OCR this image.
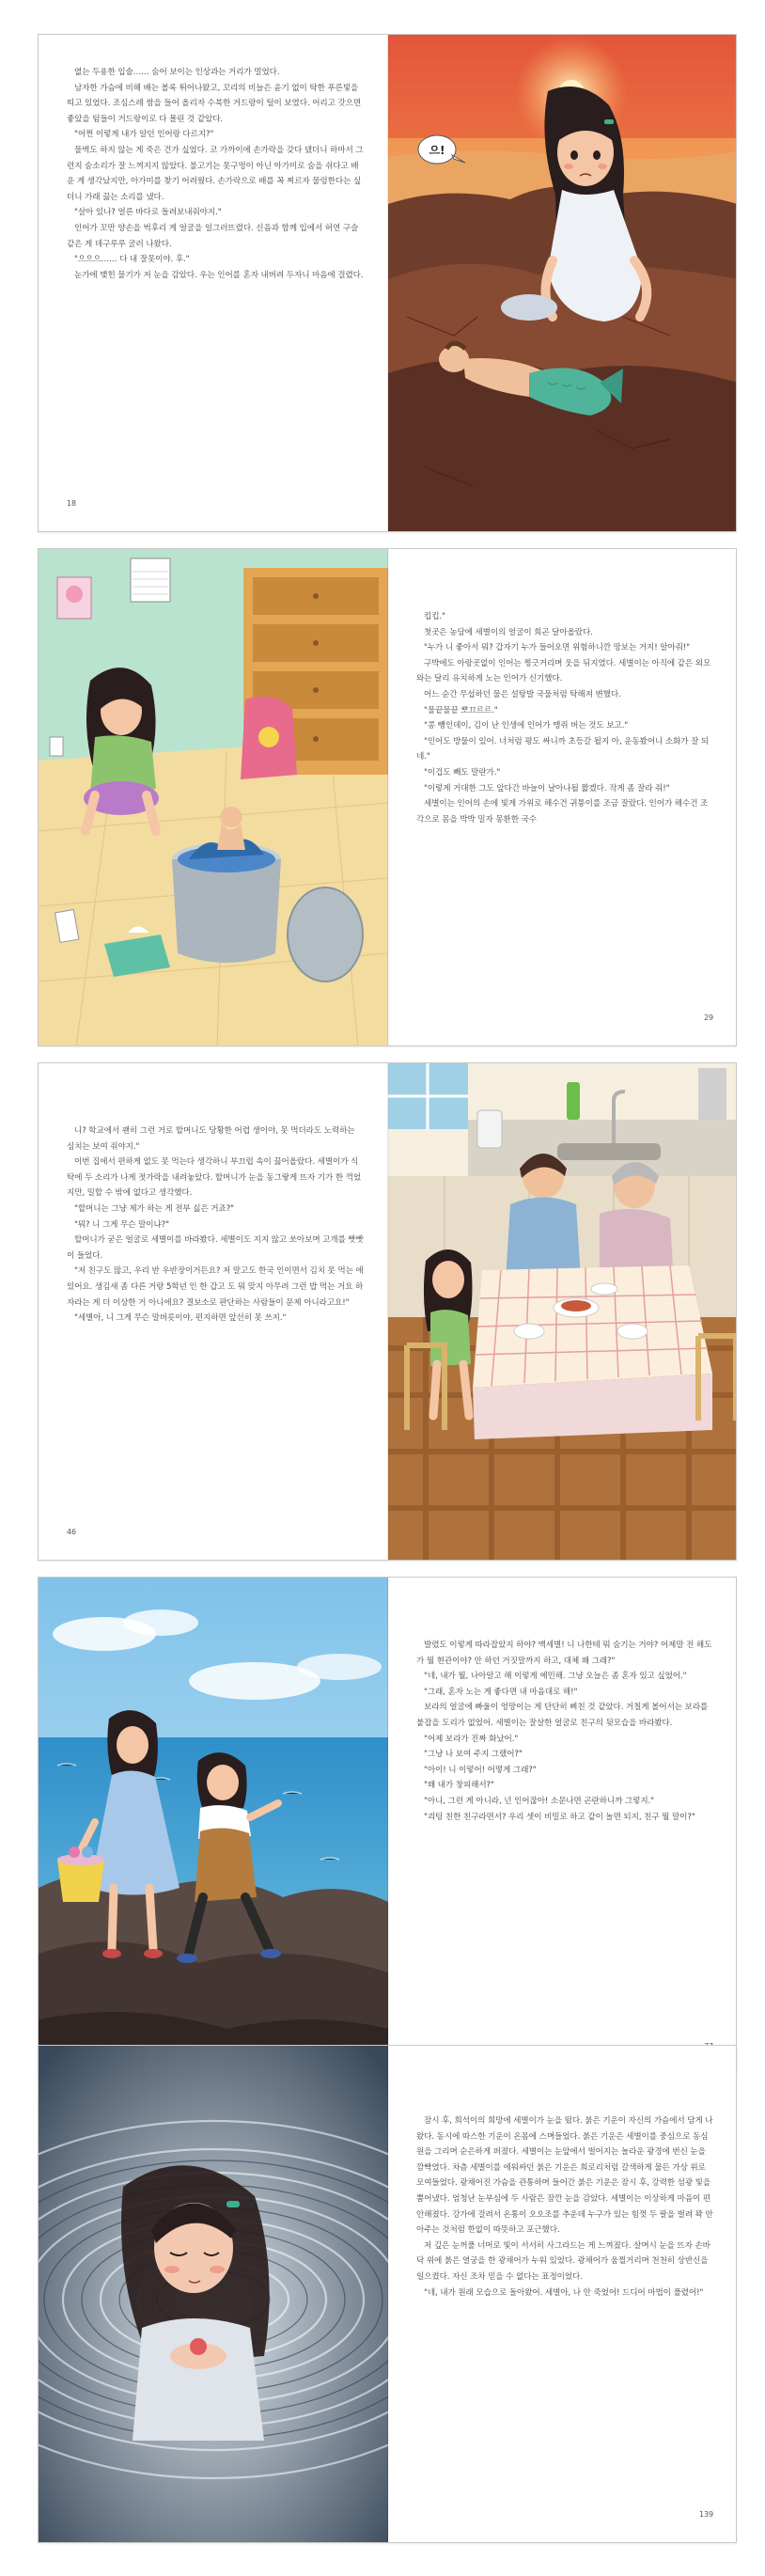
엾는 두용한 입술…… 숨어 보이는 인상과는 거리가 멀었다.

남자한 가슴에 비해 배는 볼록 튀어나왔고, 꼬리의 비늘은 윤기 없이 탁한 푸른빛을 띠고 있었다. 조심스레 쌈을 들어 올리자 수북한 거드랑이 털이 보였다. 어리고 갓으면 좋았을 텀들이 거드랑이로 다 몰린 것 같았다.

"어쩐 이렇게 내가 알던 인어랑 다르지?"

물벽도 하지 않는 게 죽은 건가 싶었다. 코 가까이에 손가락을 갖다 댔더니 하마서 그런지 숨소리가 잘 느껴지지 않았다. 불고기는 못구멍이 아닌 아가미로 숨을 쉬다고 배운 게 생각났지만, 아가미를 찾기 어려웠다. 손가락으로 배를 꼭 찌르자 물렁한다는 싶더니 가래 끓는 소리를 냈다.

"살아 있나? 얼른 바다로 돌려보내줘야지."

인어가 꼬만 양손을 벅후리 게 얼굴을 일그러뜨렸다. 신음과 함께 입에서 허연 구슬 같은 게 데구루루 굴러 나왔다.

"으으으…… 다 내 잘못이야. 후."

눈가에 맺힌 물기가 저 눈을 감았다. 우는 인어를 혼자 내버려 두자니 마음에 걸렸다.

18
으!

킵킵."

첫곳은 농담에 세별이의 얼굴이 희곤 달아올랐다.

"누가 니 좋아서 뭐? 갑자기 누가 들어오면 위험하니깐 망보는 거지! 알아줘!"

구박에도 아랑곳없이 인어는 찡긋거리며 웃을 뒤지였다. 세별이는 아직에 같은 외모와는 달리 유치하게 노는 인어가 신기했다.

어느 순간 무섭하던 물은 설탕발 국물처럼 탁해져 변했다.

"물끝물끝 뽀끄르르."

"콩 뺑인데이, 김이 난 인생에 인어가 맹쥐 버는 것도 보고."

"인어도 방물이 있어. 너처럼 평도 싸니까 초등갈 될지 아, 운동봤어니 소화가 잘 되네."

"이겁도 빼도 말란가."

"이렇게 거대한 그도 앞다간 바늘이 날아나될 짧겠다. 작게 좀 잘라 줘!"

세별이는 인어의 손에 빛게 가위로 해수건 귀퉁이를 조금 잘랐다. 인어가 해수건 조각으로 몸을 박박 밀자 몽환한 국수

29

니? 학교에서 괜히 그런 거로 할머니도 당황한 어렵 생이야, 못 먹더라도 노력하는 심치는 보여 줘야지."

이번 집에서 편하게 없도 못 먹는다 생각하니 부끄럽 속이 끓어올랐다. 세별이가 식탁에 두 소리가 나게 젓가락을 내려놓았다. 할머니가 눈을 동그랗게 뜨자 기가 한 꺽었지만, 밀할 수 밖에 없다고 생각했다.

"할머니는 그냥 제가 하는 게 전부 싫은 거죠?"

"뭐? 니 그게 무슨 말이냐?"

할머니가 굳은 얼굴로 세별이를 바라봤다. 세별이도 지지 않고 쏘아보며 고개를 빳빳이 들었다.

"저 친구도 많고, 우리 반 우반장이거든요? 저 말고도 한국 인이면서 김치 못 먹는 애 있어요. 생김새 좀 다른 거랑 5학년 인 한 갑고 도 뭐 맞지 아무려 그런 밥 먹는 거요 하자라는 게 더 이상한 거 아니에요? 결보소로 판단하는 사람들이 문제 아니라고요!"

"세별아, 니 그게 무슨 말버릇이야, 편지하면 앞선히 못 쓰지."

46

발렸도 이렇게 따라잡았지 하야? 맥세별! 니 나한테 뭐 숨기는 거야? 어제말 전 해도가 뭘 현관이야? 안 하던 거짓말까지 하고, 대체 왜 그래?"

"네, 내가 뭘, 나아알고 해 이렇게 예민해. 그냥 오늘은 좀 혼자 있고 싶었어."

"그래, 혼자 노는 게 좋다면 내 마음대로 해!"

보라의 얼굴에 빠울이 엉망이는 게 단단히 삐친 것 같았다. 거칠게 볼어서는 보라를 붙잡을 도리가 없었어. 세별이는 잘살한 얼굴로 친구의 뒷모습을 바라봤다.

"어제 보라가 진짜 화났어."

"그냥 나 보여 주지 그랬어?"

"아이! 니 이렇어! 어떻게 그래?"

"왜 내가 창피해서?"

"아니, 그런 게 아니라, 넌 인어잖아! 소문나면 곤란하니까 그렇지."

"괴팅 친한 친구라면서? 우리 셋이 비밀로 하고 같이 놀면 되지, 친구 뭘 말이?"

잠시 후, 희석이의 희망에 세별이가 눈을 떴다. 붉은 기운이 자신의 가슴에서 담게 나왔다. 동시에 따스한 기운이 온몸에 스며들었다. 붉은 기운은 세별이를 중심으로 동심원을 그리며 순은하게 퍼졌다. 세별이는 눈앞에서 벌어지는 놀라운 광경에 번신 눈을 깜빡였다. 차츰 세별이를 에워싸던 붉은 기운은 희로리처럼 갈색하게 물든 가상 위로 모여들었다. 광채어진 가슴을 관통하며 들어간 붉은 기운은 잠시 후, 강력한 섬광 빛을 뿜어냈다. 엄청난 눈부심에 두 사람은 잠깐 눈을 감았다. 세별이는 이상하게 마음이 편안해졌다. 강가에 걸려서 온통이 오오조를 추운데 누구가 있는 힘껏 두 팔을 벌려 꽉 안아주는 것처럼 한없이 따뜻하고 포근했다.

저 깊은 눈꺼풀 너머로 빛이 서서히 사그라드는 게 느껴졌다. 살며시 눈을 뜨자 손바닥 위에 붉은 열궁을 한 광채어가 누워 있었다. 광채어가 움찔거리며 천천히 상반신을 일으켰다. 자신 조차 믿을 수 없다는 표정이었다.

"네, 내가 원래 모습으로 돌아왔어. 세별아, 나 안 죽었어! 드디어 마법이 풀렸어!"

139
